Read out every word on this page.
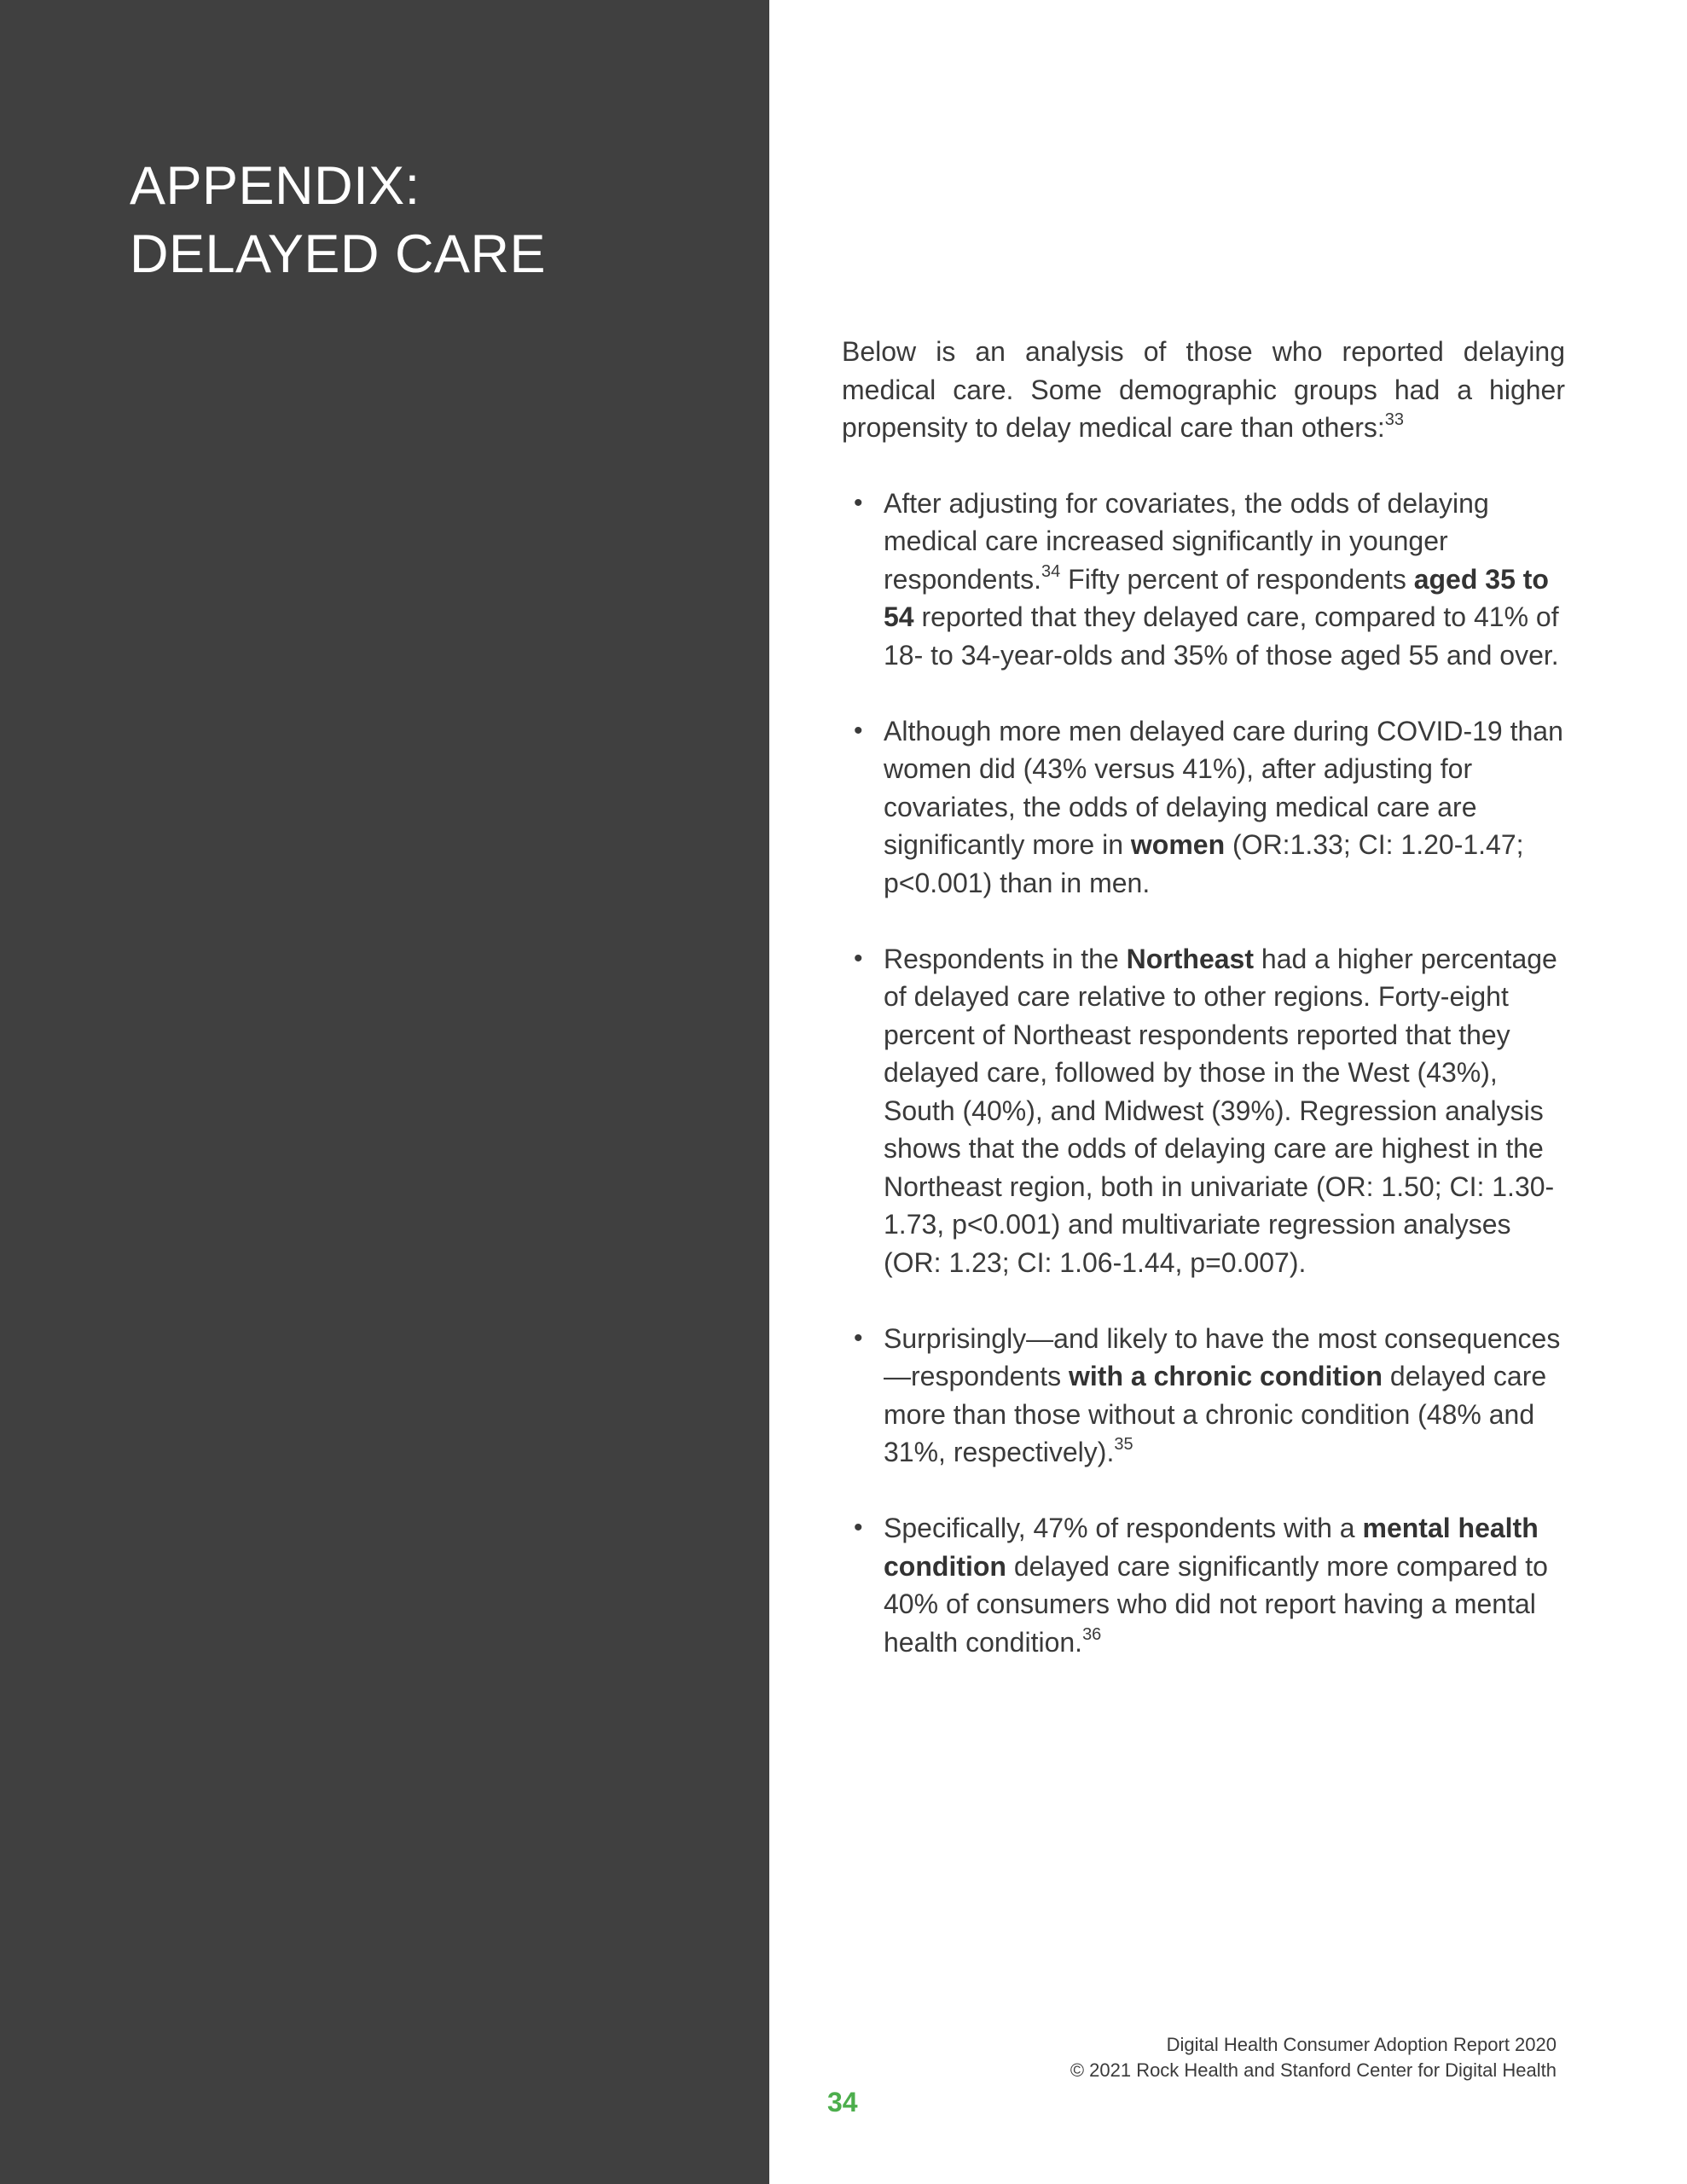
APPENDIX:
DELAYED CARE

Below is an analysis of those who reported delaying medical care. Some demographic groups had a higher propensity to delay medical care than others:$^{33}$

• After adjusting for covariates, the odds of delaying medical care increased significantly in younger respondents.$^{34}$ Fifty percent of respondents aged 35 to 54 reported that they delayed care, compared to 41% of 18- to 34-year-olds and 35% of those aged 55 and over.
• Although more men delayed care during COVID-19 than women did (43% versus 41%), after adjusting for covariates, the odds of delaying medical care are significantly more in women (OR:1.33; CI: 1.20-1.47; p<0.001) than in men.
• Respondents in the Northeast had a higher percentage of delayed care relative to other regions. Forty-eight percent of Northeast respondents reported that they delayed care, followed by those in the West (43%), South (40%), and Midwest (39%). Regression analysis shows that the odds of delaying care are highest in the Northeast region, both in univariate (OR: 1.50; CI: 1.30- 1.73, p<0.001) and multivariate regression analyses (OR: 1.23; CI: 1.06-1.44, p=0.007).
• Surprisingly—and likely to have the most consequences—respondents with a chronic condition delayed care more than those without a chronic condition (48% and 31%, respectively).$^{35}$
• Specifically, 47% of respondents with a mental health condition delayed care significantly more compared to 40% of consumers who did not report having a mental health condition.$^{36}$
Digital Health Consumer Adoption Report 2020
© 2021 Rock Health and Stanford Center for Digital Health
34
